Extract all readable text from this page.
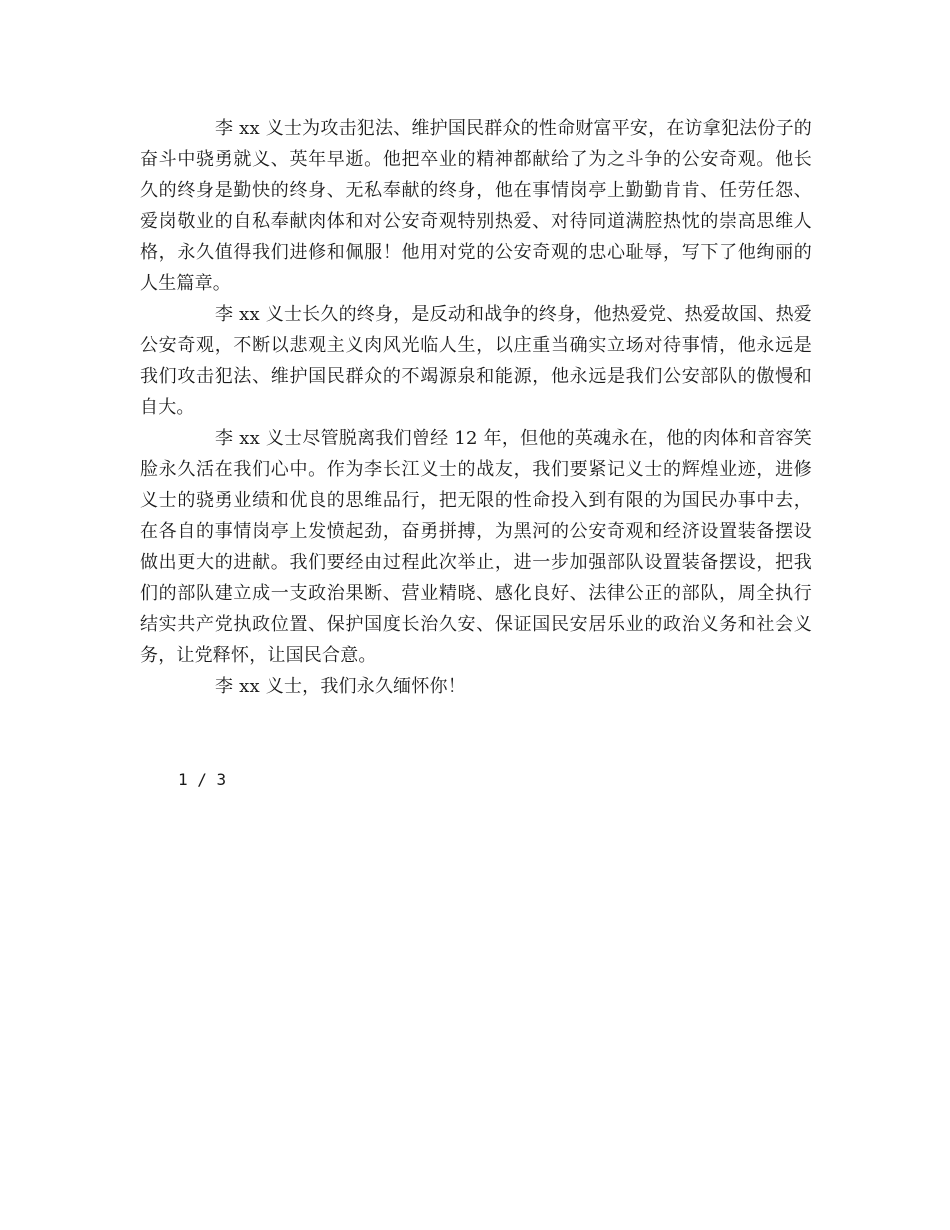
李 xx 义士为攻击犯法、维护国民群众的性命财富平安，在访拿犯法份子的奋斗中骁勇就义、英年早逝。他把卒业的精神都献给了为之斗争的公安奇观。他长久的终身是勤快的终身、无私奉献的终身，他在事情岗亭上勤勤肯肯、任劳任怨、爱岗敬业的自私奉献肉体和对公安奇观特别热爱、对待同道满腔热忱的崇高思维人格，永久值得我们进修和佩服！他用对党的公安奇观的忠心耻辱，写下了他绚丽的人生篇章。

李 xx 义士长久的终身，是反动和战争的终身，他热爱党、热爱故国、热爱公安奇观，不断以悲观主义肉风光临人生，以庄重当确实立场对待事情，他永远是我们攻击犯法、维护国民群众的不竭源泉和能源，他永远是我们公安部队的傲慢和自大。

李 xx 义士尽管脱离我们曾经 12 年，但他的英魂永在，他的肉体和音容笑脸永久活在我们心中。作为李长江义士的战友，我们要紧记义士的辉煌业迹，进修义士的骁勇业绩和优良的思维品行，把无限的性命投入到有限的为国民办事中去，在各自的事情岗亭上发愤起劲，奋勇拼搏，为黑河的公安奇观和经济设置装备摆设做出更大的进献。我们要经由过程此次举止，进一步加强部队设置装备摆设，把我们的部队建立成一支政治果断、营业精晓、感化良好、法律公正的部队，周全执行结实共产党执政位置、保护国度长治久安、保证国民安居乐业的政治义务和社会义务，让党释怀，让国民合意。

李 xx 义士，我们永久缅怀你！

1 / 3
